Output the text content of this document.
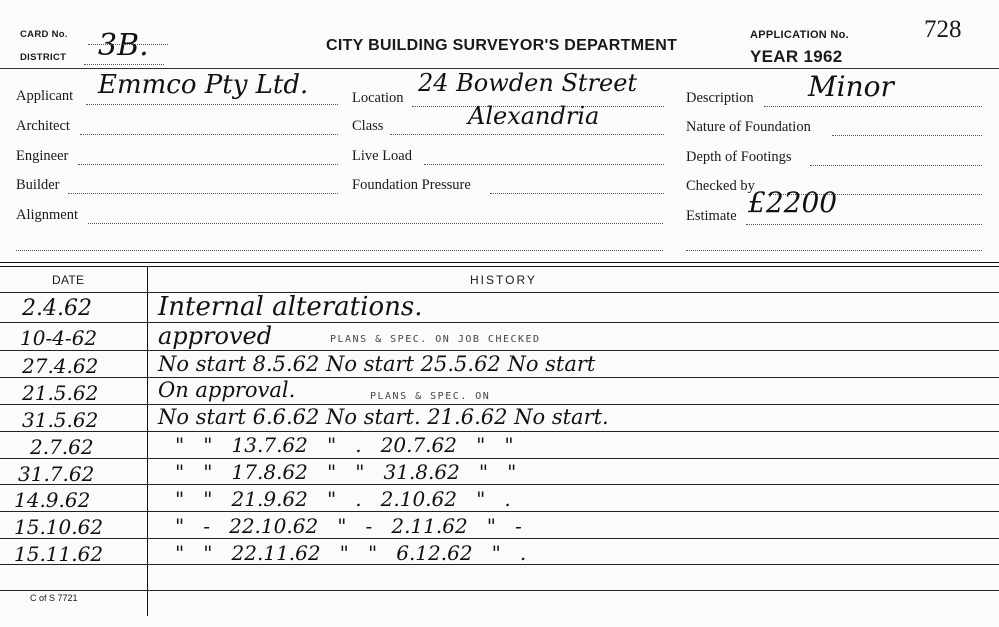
CARD No.
DISTRICT 3B.	CITY BUILDING SURVEYOR'S DEPARTMENT
APPLICATION No.	728
YEAR 1962
Applicant Emmco Pty Ltd.
Architect
Engineer
Builder
Alignment
Location
24 Bowden Street
Class	Alexandria
Live Load
Foundation Pressure
Description Minor
Nature of Foundation
Depth of Footings
Checked by
Estimate £2200
DATE	HISTORY
2.4.62	Internal alterations.
10-4-62	approved	PLANS & SPEC. ON JOB CHECKED
27.4.62	No start 8.5.62 No start 25.5.62 No start
21.5.62	On approval.	PLANS & SPEC. ON
31.5.62	No start 6.6.62 No start. 21.6.62 No start.
2.7.62	"   "   13.7.62   "   .   20.7.62   "   "
31.7.62	"   "   17.8.62   "   "   31.8.62   "   "
14.9.62	"   "   21.9.62   "   .   2.10.62   "   .
15.10.62	"   -   22.10.62   "   -   2.11.62   "   -
15.11.62	"   "   22.11.62   "   "   6.12.62   "   .
C of S 7721
